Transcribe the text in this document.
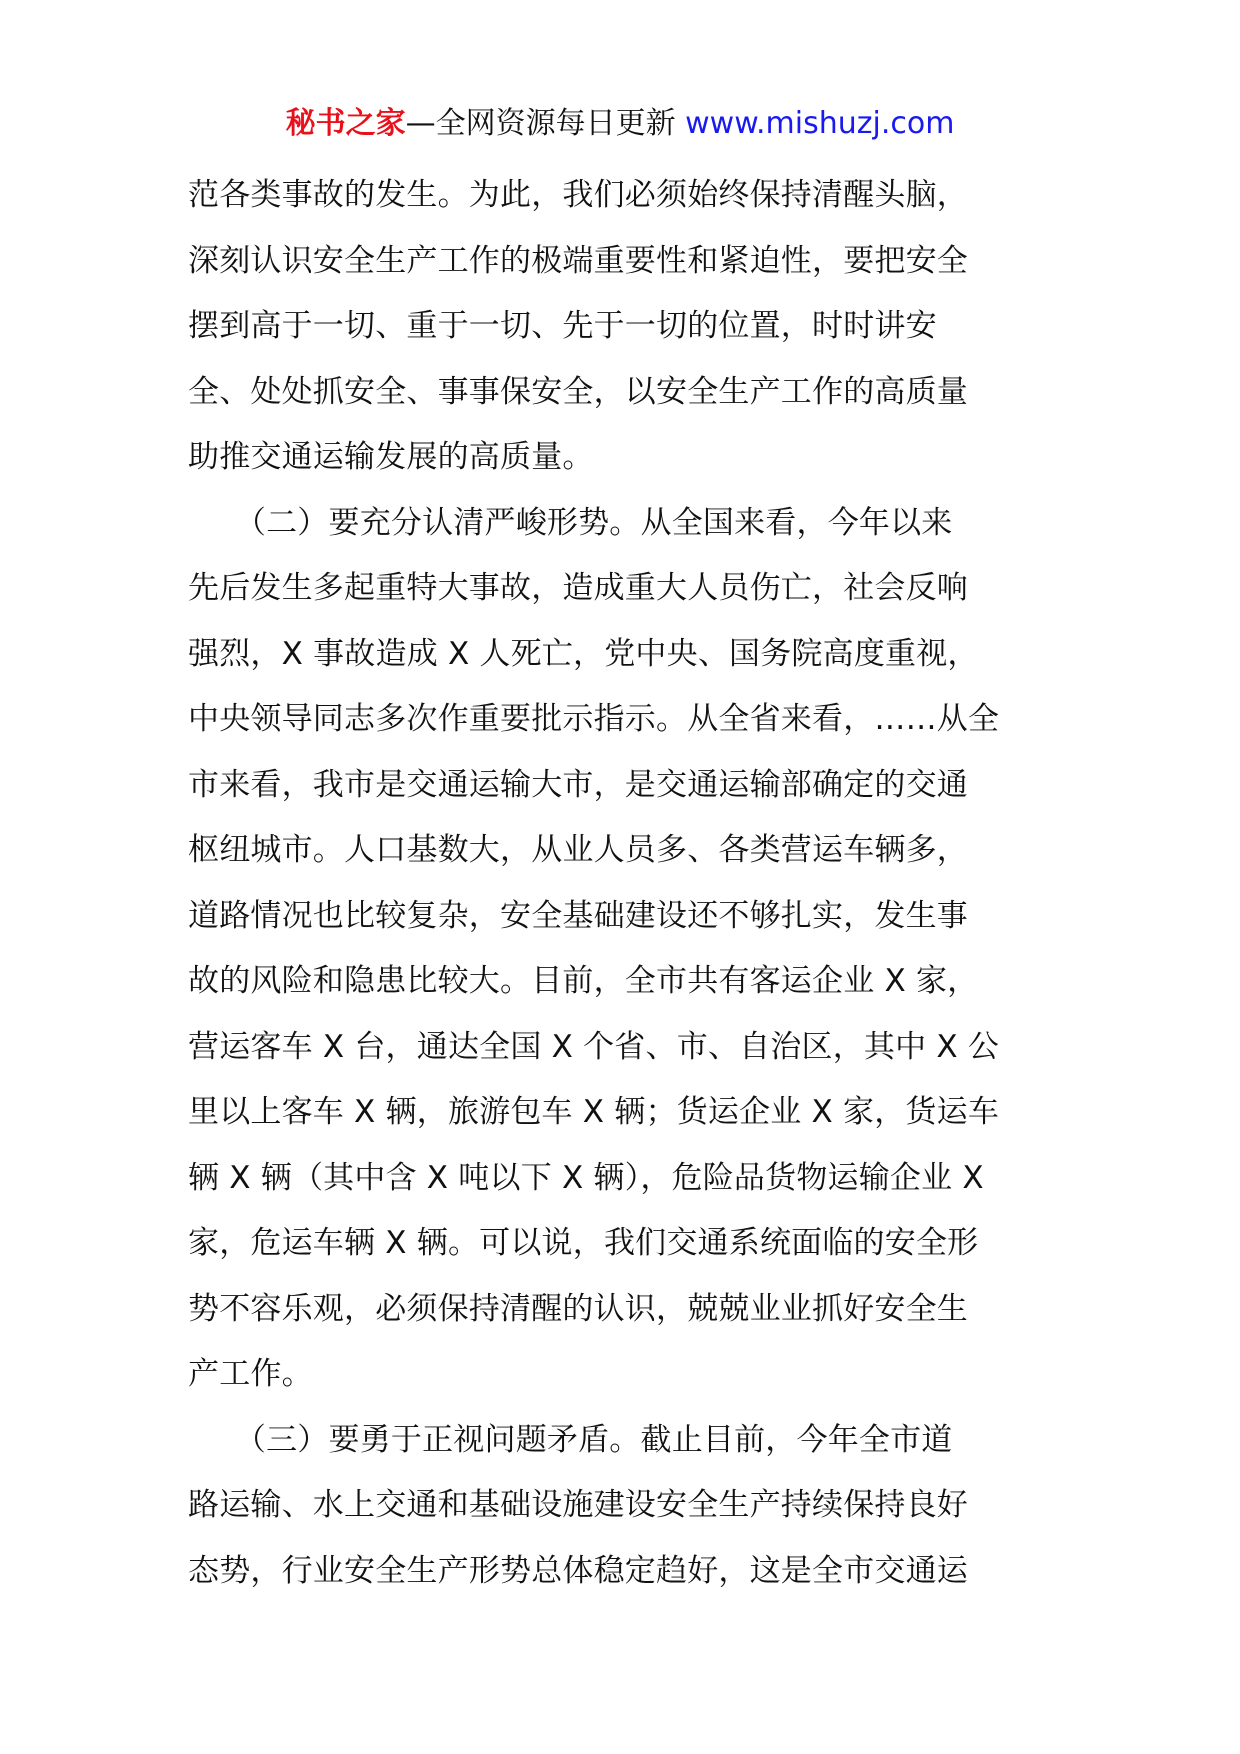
秘书之家—全网资源每日更新 www.mishuzj.com
范各类事故的发生。为此，我们必须始终保持清醒头脑，
深刻认识安全生产工作的极端重要性和紧迫性，要把安全
摆到高于一切、重于一切、先于一切的位置，时时讲安
全、处处抓安全、事事保安全，以安全生产工作的高质量
助推交通运输发展的高质量。
　　（二）要充分认清严峻形势。从全国来看，今年以来
先后发生多起重特大事故，造成重大人员伤亡，社会反响
强烈，X 事故造成 X 人死亡，党中央、国务院高度重视，
中央领导同志多次作重要批示指示。从全省来看，……从全
市来看，我市是交通运输大市，是交通运输部确定的交通
枢纽城市。人口基数大，从业人员多、各类营运车辆多，
道路情况也比较复杂，安全基础建设还不够扎实，发生事
故的风险和隐患比较大。目前，全市共有客运企业 X 家，
营运客车 X 台，通达全国 X 个省、市、自治区，其中 X 公
里以上客车 X 辆，旅游包车 X 辆；货运企业 X 家，货运车
辆 X 辆（其中含 X 吨以下 X 辆），危险品货物运输企业 X
家，危运车辆 X 辆。可以说，我们交通系统面临的安全形
势不容乐观，必须保持清醒的认识，兢兢业业抓好安全生
产工作。
　　（三）要勇于正视问题矛盾。截止目前，今年全市道
路运输、水上交通和基础设施建设安全生产持续保持良好
态势，行业安全生产形势总体稳定趋好，这是全市交通运
